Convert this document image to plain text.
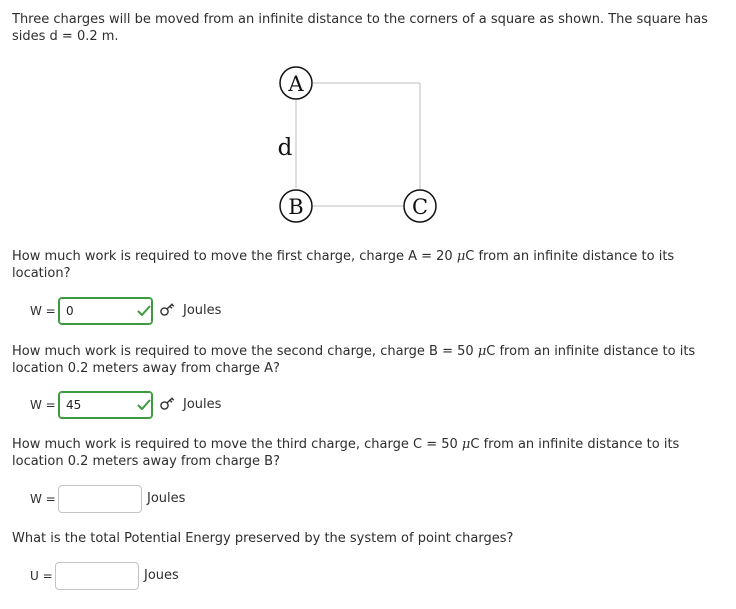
Three charges will be moved from an infinite distance to the corners of a square as shown. The square has
sides d = 0.2 m.

A
B	C
d

How much work is required to move the first charge, charge A = 20 μC from an infinite distance to its
location?

W =
0	Joules

How much work is required to move the second charge, charge B = 50 μC from an infinite distance to its
location 0.2 meters away from charge A?

W =
45	Joules

How much work is required to move the third charge, charge C = 50 μC from an infinite distance to its
location 0.2 meters away from charge B?

W =	Joules

What is the total Potential Energy preserved by the system of point charges?

U =	Joues
